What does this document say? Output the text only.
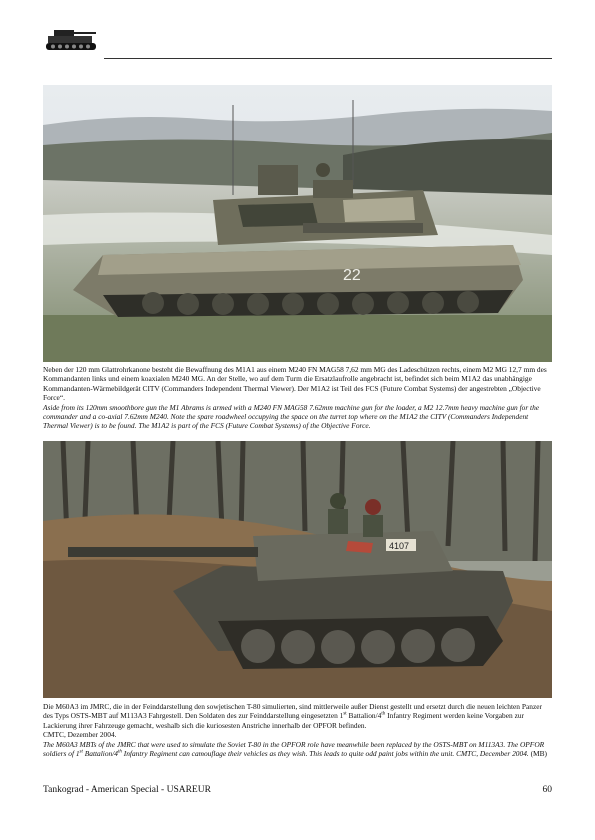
22

Neben der 120 mm Glattrohrkanone besteht die Bewaffnung des M1A1 aus einem M240 FN MAG58 7,62 mm MG des Ladeschützen rechts, einem M2 MG 12,7 mm des Kommandanten links und einem koaxialen M240 MG. An der Stelle, wo auf dem Turm die Ersatzlaufrolle angebracht ist, befindet sich beim M1A2 das unabhängige Kommandanten-Wärmebildgerät CITV (Commanders Independent Thermal Viewer). Der M1A2 ist Teil des FCS (Future Combat Systems) der angestrebten „Objective Force“.

Aside from its 120mm smoothbore gun the M1 Abrams is armed with a M240 FN MAG58 7.62mm machine gun for the loader, a M2 12.7mm heavy machine gun for the commander and a co-axial 7.62mm M240. Note the spare roadwheel occupying the space on the turret top where on the M1A2 the CITV (Commanders Independent Thermal Viewer) is to be found. The M1A2 is part of the FCS (Future Combat Systems) of the Objective Force.

4107

Die M60A3 im JMRC, die in der Feinddarstellung den sowjetischen T-80 simulierten, sind mittlerweile außer Dienst gestellt und ersetzt durch die neuen leichten Panzer des Typs OSTS-MBT auf M113A3 Fahrgestell. Den Soldaten des zur Feinddarstellung eingesetzten 1st Battalion/4th Infantry Regiment werden keine Vorgaben zur Lackierung ihrer Fahrzeuge gemacht, weshalb sich die kuriosesten Anstriche innerhalb der OPFOR befinden.

CMTC, Dezember 2004.

The M60A3 MBTs of the JMRC that were used to simulate the Soviet T-80 in the OPFOR role have meanwhile been replaced by the OSTS-MBT on M113A3. The OPFOR soldiers of 1st Battalion/4th Infantry Regiment can camouflage their vehicles as they wish. This leads to quite odd paint jobs within the unit. CMTC, December 2004. (MB)

Tankograd - American Special - USAREUR	60
